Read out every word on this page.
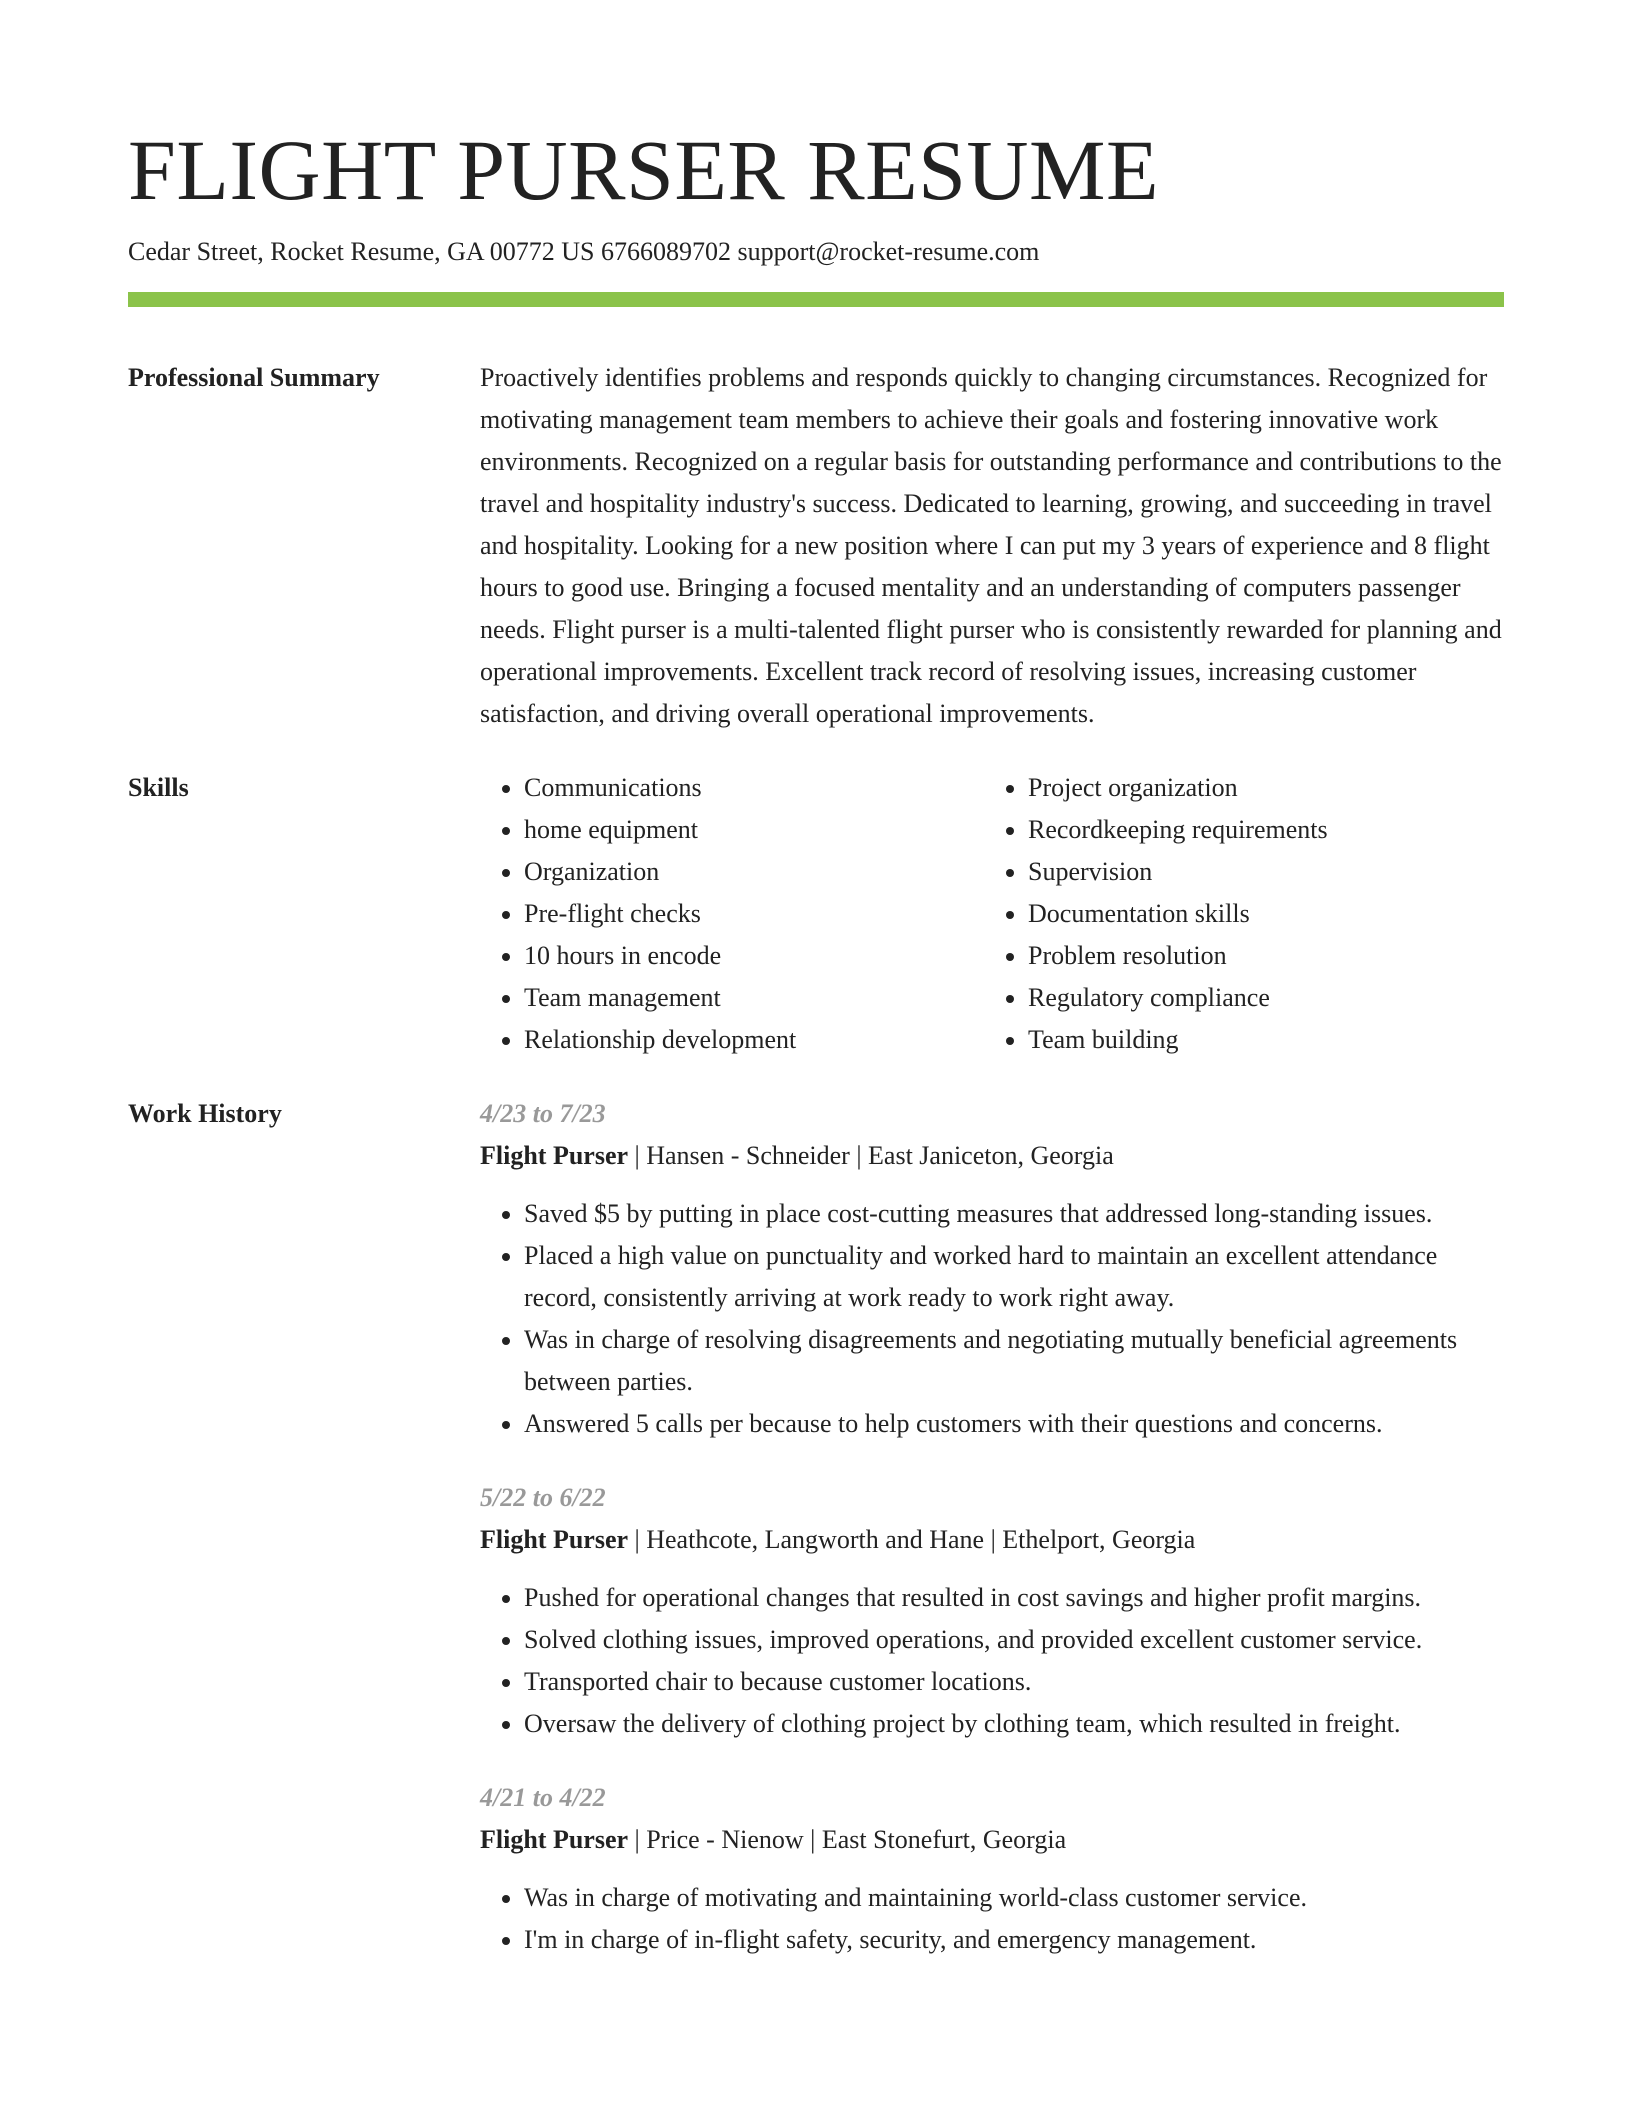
FLIGHT PURSER RESUME
Cedar Street, Rocket Resume, GA 00772 US 6766089702 support@rocket-resume.com
Professional Summary	Proactively identifies problems and responds quickly to changing circumstances. Recognized for motivating management team members to achieve their goals and fostering innovative work environments. Recognized on a regular basis for outstanding performance and contributions to the travel and hospitality industry's success. Dedicated to learning, growing, and succeeding in travel and hospitality. Looking for a new position where I can put my 3 years of experience and 8 flight hours to good use. Bringing a focused mentality and an understanding of computers passenger needs. Flight purser is a multi-talented flight purser who is consistently rewarded for planning and operational improvements. Excellent track record of resolving issues, increasing customer satisfaction, and driving overall operational improvements.

Skills
•	Communications
• home equipment
• Organization
• Pre-flight checks
• 10 hours in encode
• Team management
• Relationship development
• Project organization
• Recordkeeping requirements
• Supervision
• Documentation skills
• Problem resolution
• Regulatory compliance
• Team building
Work History	4/23 to 7/23
Flight Purser | Hansen - Schneider | East Janiceton, Georgia
• Saved $5 by putting in place cost-cutting measures that addressed long-standing issues.
• Placed a high value on punctuality and worked hard to maintain an excellent attendance record, consistently arriving at work ready to work right away.
• Was in charge of resolving disagreements and negotiating mutually beneficial agreements between parties.
• Answered 5 calls per because to help customers with their questions and concerns.
5/22 to 6/22
Flight Purser | Heathcote, Langworth and Hane | Ethelport, Georgia
• Pushed for operational changes that resulted in cost savings and higher profit margins.
• Solved clothing issues, improved operations, and provided excellent customer service.
• Transported chair to because customer locations.
• Oversaw the delivery of clothing project by clothing team, which resulted in freight.
4/21 to 4/22
Flight Purser | Price - Nienow | East Stonefurt, Georgia
• Was in charge of motivating and maintaining world-class customer service.
• I'm in charge of in-flight safety, security, and emergency management.
